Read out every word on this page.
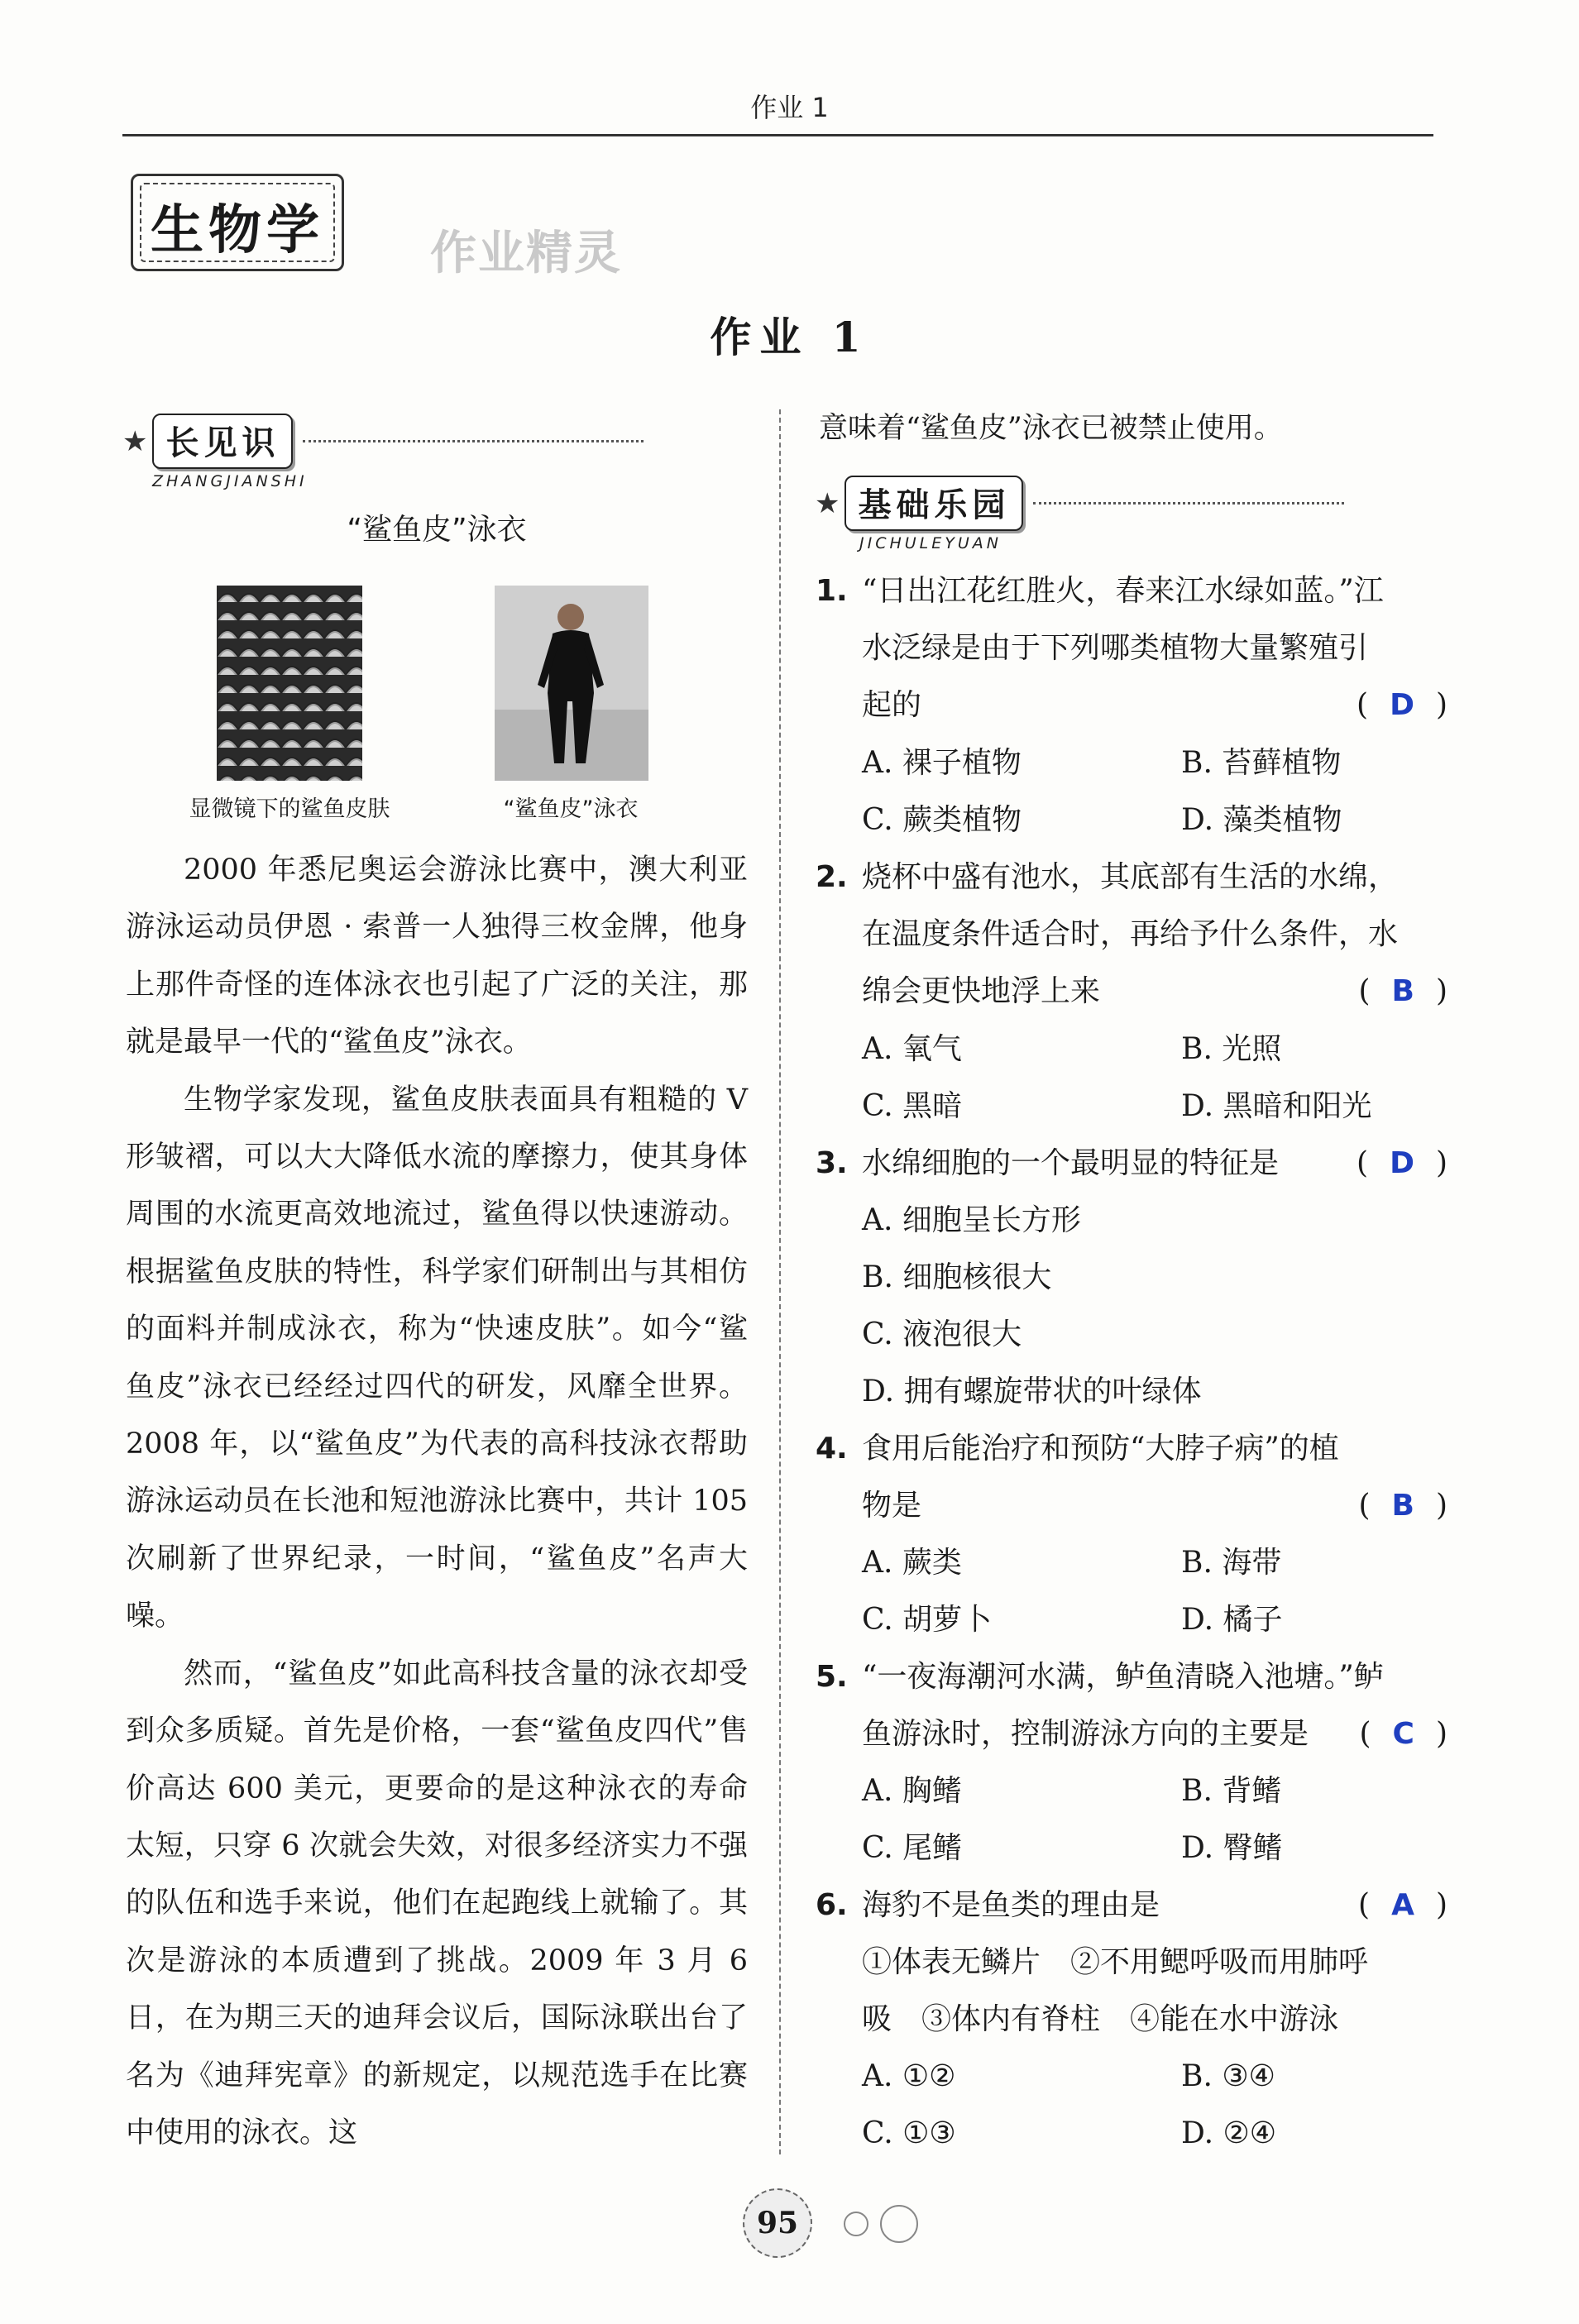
作业 1
生物学	作业精灵
作业 1
★ 长见识
ZHANGJIANSHI
“鲨鱼皮”泳衣
显微镜下的鲨鱼皮肤	“鲨鱼皮”泳衣

2000 年悉尼奥运会游泳比赛中，澳大利亚游泳运动员伊恩 · 索普一人独得三枚金牌，他身上那件奇怪的连体泳衣也引起了广泛的关注，那就是最早一代的“鲨鱼皮”泳衣。

生物学家发现，鲨鱼皮肤表面具有粗糙的 V 形皱褶，可以大大降低水流的摩擦力，使其身体周围的水流更高效地流过，鲨鱼得以快速游动。根据鲨鱼皮肤的特性，科学家们研制出与其相仿的面料并制成泳衣，称为“快速皮肤”。如今“鲨鱼皮”泳衣已经经过四代的研发，风靡全世界。2008 年，以“鲨鱼皮”为代表的高科技泳衣帮助游泳运动员在长池和短池游泳比赛中，共计 105 次刷新了世界纪录，一时间，“鲨鱼皮”名声大噪。

然而，“鲨鱼皮”如此高科技含量的泳衣却受到众多质疑。首先是价格，一套“鲨鱼皮四代”售价高达 600 美元，更要命的是这种泳衣的寿命太短，只穿 6 次就会失效，对很多经济实力不强的队伍和选手来说，他们在起跑线上就输了。其次是游泳的本质遭到了挑战。2009 年 3 月 6 日，在为期三天的迪拜会议后，国际泳联出台了名为《迪拜宪章》的新规定，以规范选手在比赛中使用的泳衣。这

意味着“鲨鱼皮”泳衣已被禁止使用。
★ 基础乐园
JICHULEYUAN
1. “日出江花红胜火，春来江水绿如蓝。”江
水泛绿是由于下列哪类植物大量繁殖引
起的	( D )
A. 裸子植物	B. 苔藓植物
C. 蕨类植物	D. 藻类植物
2. 烧杯中盛有池水，其底部有生活的水绵，
在温度条件适合时，再给予什么条件，水
绵会更快地浮上来	( B )
A. 氧气	B. 光照
C. 黑暗	D. 黑暗和阳光
3. 水绵细胞的一个最明显的特征是	( D )
A. 细胞呈长方形
B. 细胞核很大
C. 液泡很大
D. 拥有螺旋带状的叶绿体
4. 食用后能治疗和预防“大脖子病”的植
物是	( B )
A. 蕨类	B. 海带
C. 胡萝卜	D. 橘子
5. “一夜海潮河水满，鲈鱼清晓入池塘。”鲈
鱼游泳时，控制游泳方向的主要是 ( C )
A. 胸鳍	B. 背鳍
C. 尾鳍	D. 臀鳍
6. 海豹不是鱼类的理由是	( A )
①体表无鳞片　②不用鳃呼吸而用肺呼
吸　③体内有脊柱　④能在水中游泳
A. ①②	B. ③④
C. ①③	D. ②④
95
